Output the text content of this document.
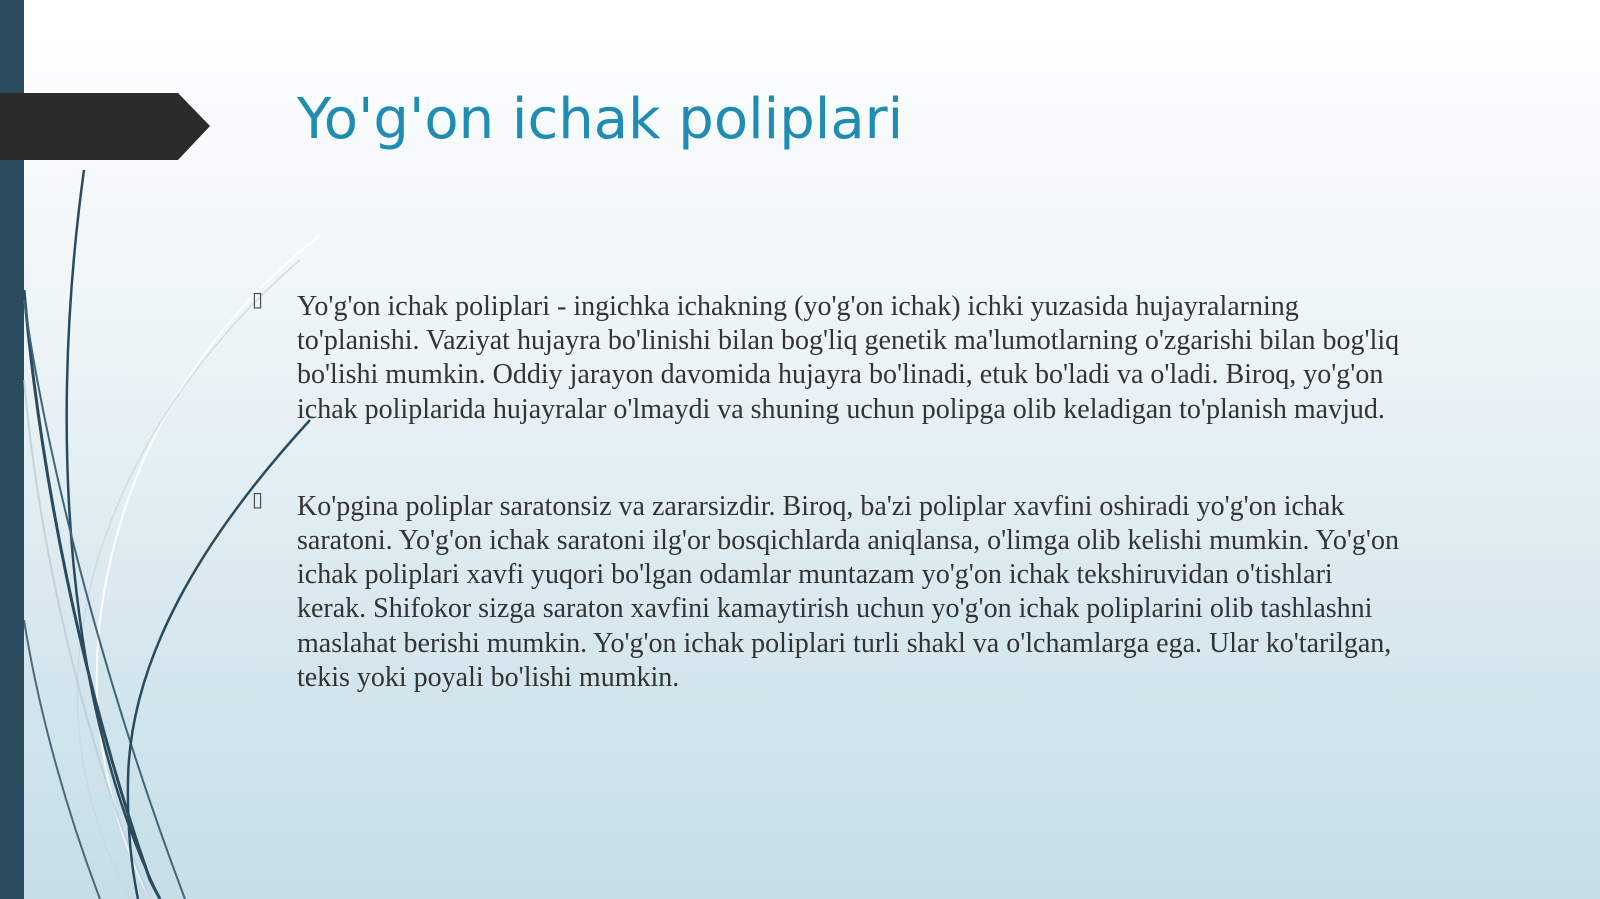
Yo'g'on ichak poliplari

▯ Yo'g'on ichak poliplari - ingichka ichakning (yo'g'on ichak) ichki yuzasida hujayralarning to'planishi. Vaziyat hujayra bo'linishi bilan bog'liq genetik ma'lumotlarning o'zgarishi bilan bog'liq bo'lishi mumkin. Oddiy jarayon davomida hujayra bo'linadi, etuk bo'ladi va o'ladi. Biroq, yo'g'on ichak poliplarida hujayralar o'lmaydi va shuning uchun polipga olib keladigan to'planish mavjud.

▯ Ko'pgina poliplar saratonsiz va zararsizdir. Biroq, ba'zi poliplar xavfini oshiradi yo'g'on ichak saratoni. Yo'g'on ichak saratoni ilg'or bosqichlarda aniqlansa, o'limga olib kelishi mumkin. Yo'g'on ichak poliplari xavfi yuqori bo'lgan odamlar muntazam yo'g'on ichak tekshiruvidan o'tishlari kerak. Shifokor sizga saraton xavfini kamaytirish uchun yo'g'on ichak poliplarini olib tashlashni maslahat berishi mumkin. Yo'g'on ichak poliplari turli shakl va o'lchamlarga ega. Ular ko'tarilgan, tekis yoki poyali bo'lishi mumkin.
